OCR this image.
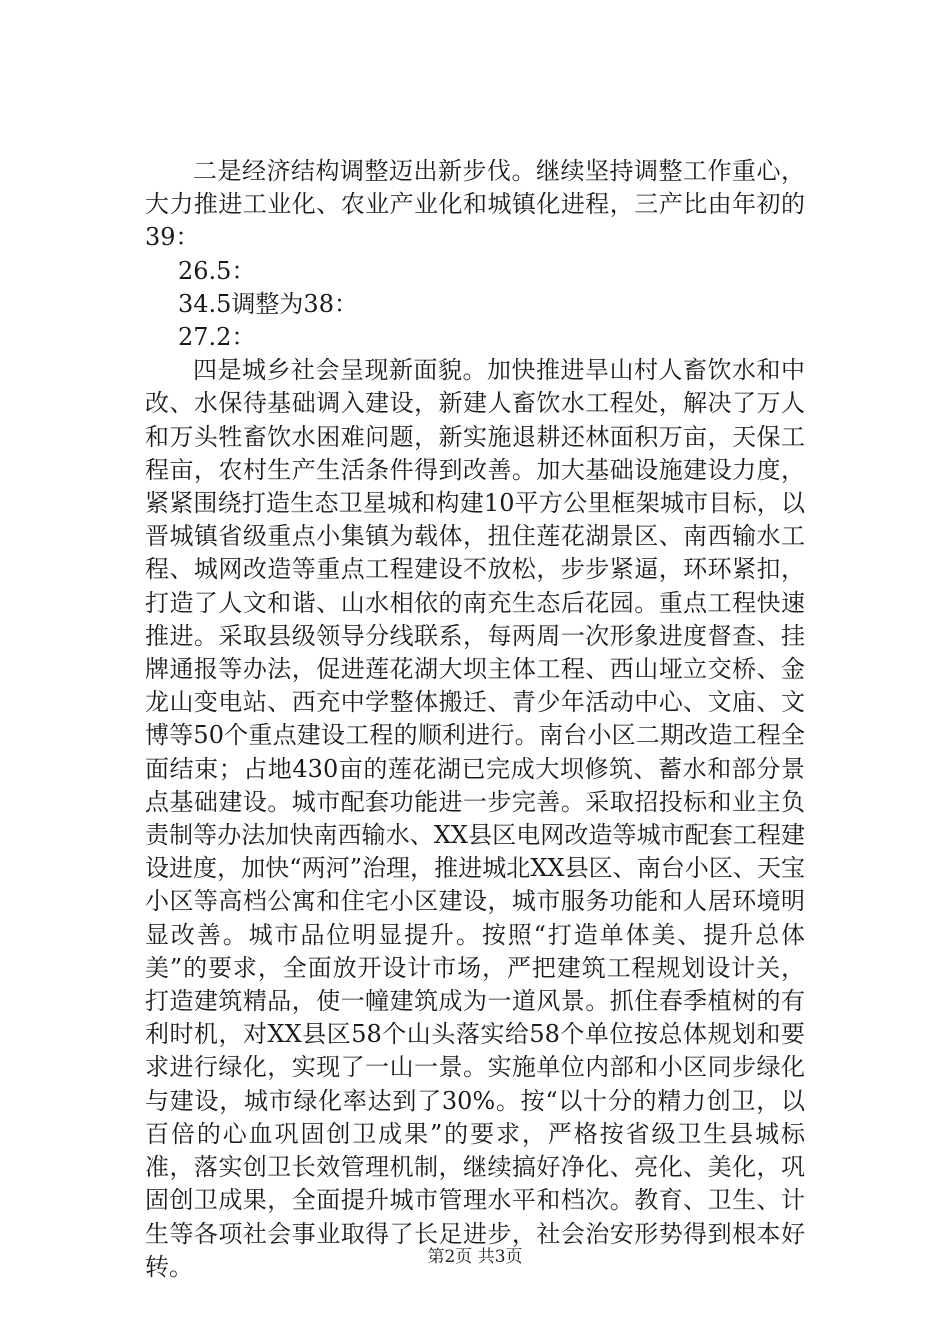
二是经济结构调整迈出新步伐。继续坚持调整工作重心，大力推进工业化、农业产业化和城镇化进程，三产比由年初的39：

26.5：

34.5调整为38：

27.2：

四是城乡社会呈现新面貌。加快推进旱山村人畜饮水和中改、水保待基础调入建设，新建人畜饮水工程处，解决了万人和万头牲畜饮水困难问题，新实施退耕还林面积万亩，天保工程亩，农村生产生活条件得到改善。加大基础设施建设力度，紧紧围绕打造生态卫星城和构建10平方公里框架城市目标，以晋城镇省级重点小集镇为载体，扭住莲花湖景区、南西输水工程、城网改造等重点工程建设不放松，步步紧逼，环环紧扣，打造了人文和谐、山水相依的南充生态后花园。重点工程快速推进。采取县级领导分线联系，每两周一次形象进度督查、挂牌通报等办法，促进莲花湖大坝主体工程、西山垭立交桥、金龙山变电站、西充中学整体搬迁、青少年活动中心、文庙、文博等50个重点建设工程的顺利进行。南台小区二期改造工程全面结束；占地430亩的莲花湖已完成大坝修筑、蓄水和部分景点基础建设。城市配套功能进一步完善。采取招投标和业主负责制等办法加快南西输水、XX县区电网改造等城市配套工程建设进度，加快“两河”治理，推进城北XX县区、南台小区、天宝小区等高档公寓和住宅小区建设，城市服务功能和人居环境明显改善。城市品位明显提升。按照“打造单体美、提升总体美”的要求，全面放开设计市场，严把建筑工程规划设计关，打造建筑精品，使一幢建筑成为一道风景。抓住春季植树的有利时机，对XX县区58个山头落实给58个单位按总体规划和要求进行绿化，实现了一山一景。实施单位内部和小区同步绿化与建设，城市绿化率达到了30%。按“以十分的精力创卫，以百倍的心血巩固创卫成果”的要求，严格按省级卫生县城标准，落实创卫长效管理机制，继续搞好净化、亮化、美化，巩固创卫成果，全面提升城市管理水平和档次。教育、卫生、计生等各项社会事业取得了长足进步，社会治安形势得到根本好转。	第2页 共3页
